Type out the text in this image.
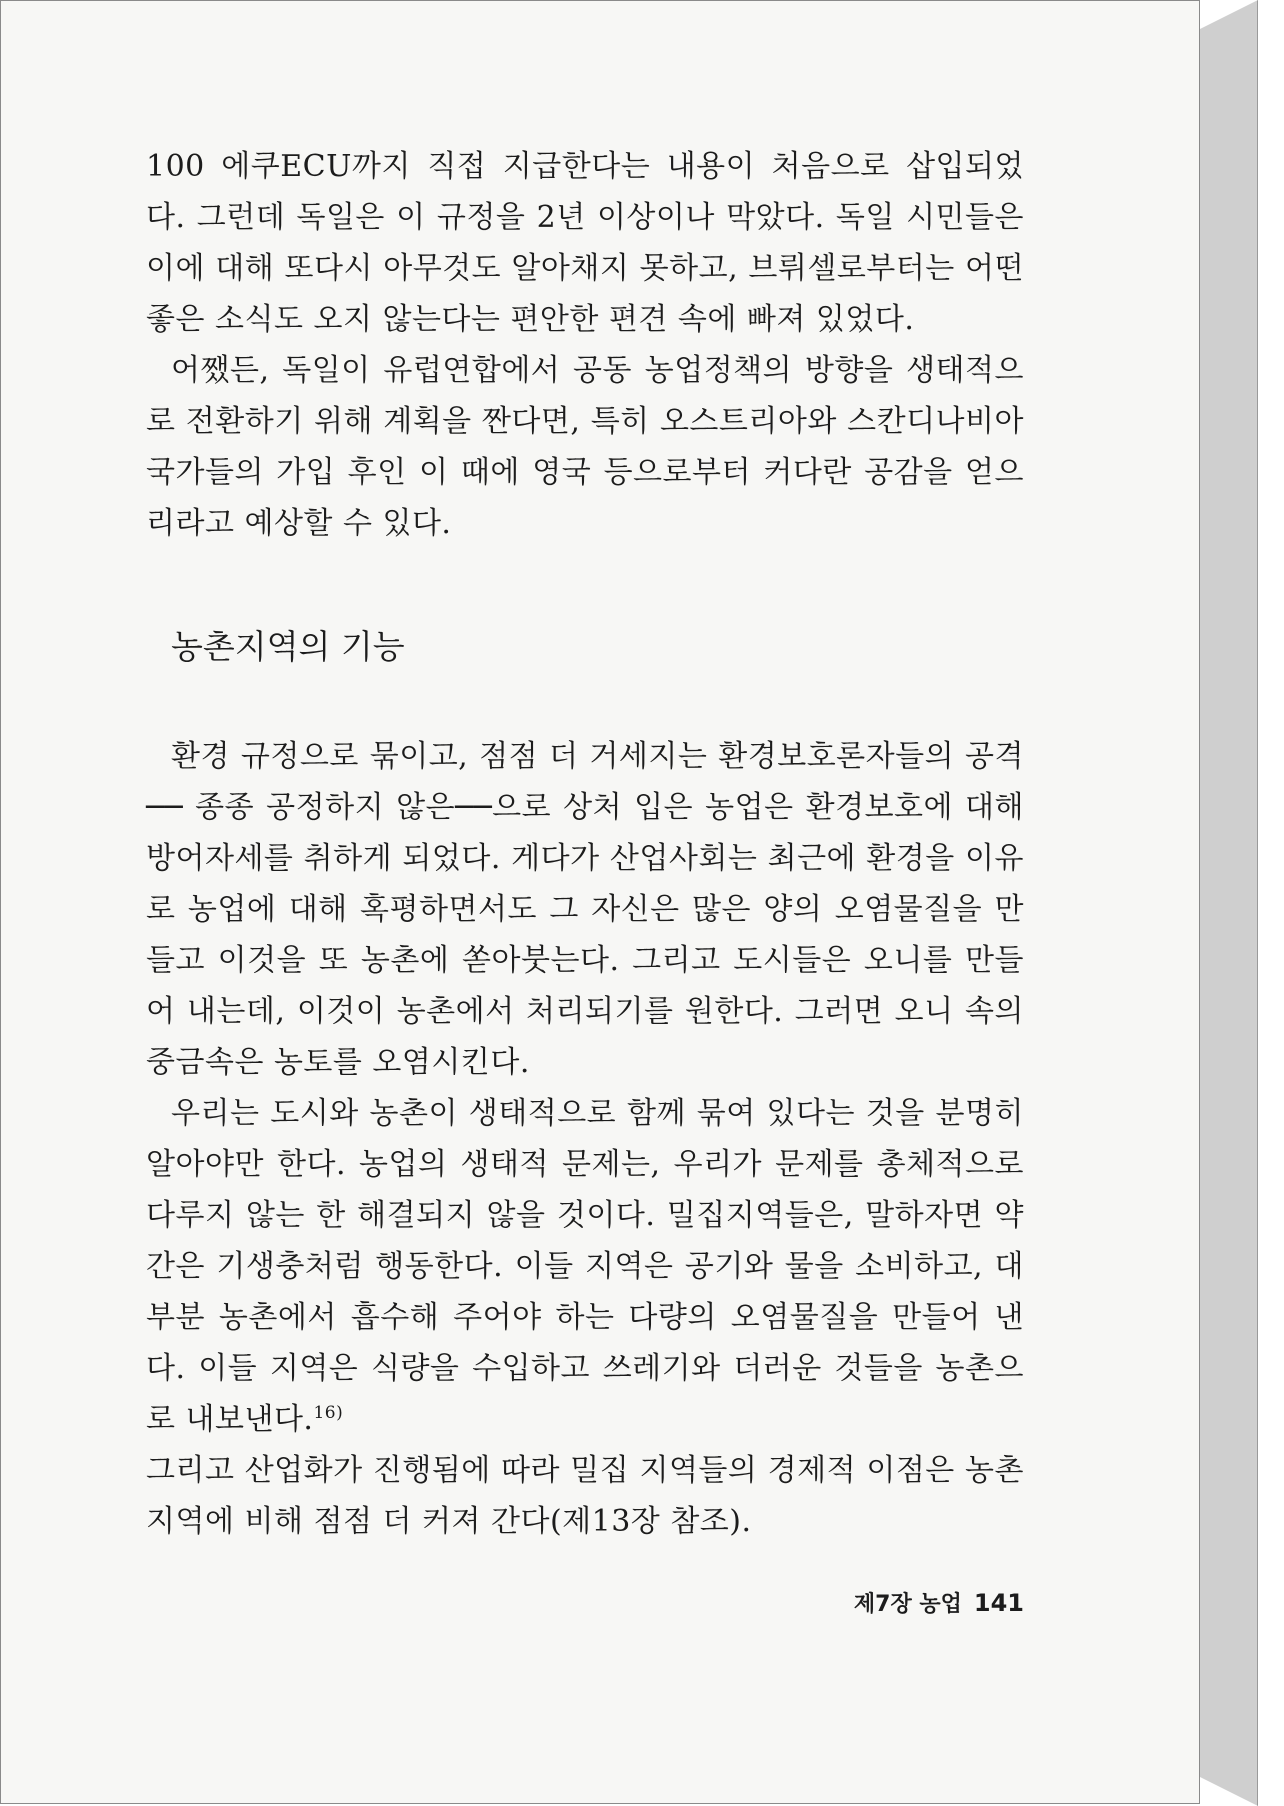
100 에쿠ECU까지 직접 지급한다는 내용이 처음으로 삽입되었다. 그런데 독일은 이 규정을 2년 이상이나 막았다. 독일 시민들은 이에 대해 또다시 아무것도 알아채지 못하고, 브뤼셀로부터는 어떤 좋은 소식도 오지 않는다는 편안한 편견 속에 빠져 있었다.

어쨌든, 독일이 유럽연합에서 공동 농업정책의 방향을 생태적으로 전환하기 위해 계획을 짠다면, 특히 오스트리아와 스칸디나비아 국가들의 가입 후인 이 때에 영국 등으로부터 커다란 공감을 얻으리라고 예상할 수 있다.

농촌지역의 기능

환경 규정으로 묶이고, 점점 더 거세지는 환경보호론자들의 공격── 종종 공정하지 않은──으로 상처 입은 농업은 환경보호에 대해 방어자세를 취하게 되었다. 게다가 산업사회는 최근에 환경을 이유로 농업에 대해 혹평하면서도 그 자신은 많은 양의 오염물질을 만들고 이것을 또 농촌에 쏟아붓는다. 그리고 도시들은 오니를 만들어 내는데, 이것이 농촌에서 처리되기를 원한다. 그러면 오니 속의 중금속은 농토를 오염시킨다.

우리는 도시와 농촌이 생태적으로 함께 묶여 있다는 것을 분명히 알아야만 한다. 농업의 생태적 문제는, 우리가 문제를 총체적으로 다루지 않는 한 해결되지 않을 것이다. 밀집지역들은, 말하자면 약간은 기생충처럼 행동한다. 이들 지역은 공기와 물을 소비하고, 대부분 농촌에서 흡수해 주어야 하는 다량의 오염물질을 만들어 낸다. 이들 지역은 식량을 수입하고 쓰레기와 더러운 것들을 농촌으로 내보낸다.$^{16)}$
그리고 산업화가 진행됨에 따라 밀집 지역들의 경제적 이점은 농촌지역에 비해 점점 더 커져 간다(제13장 참조).

제7장 농업 141
